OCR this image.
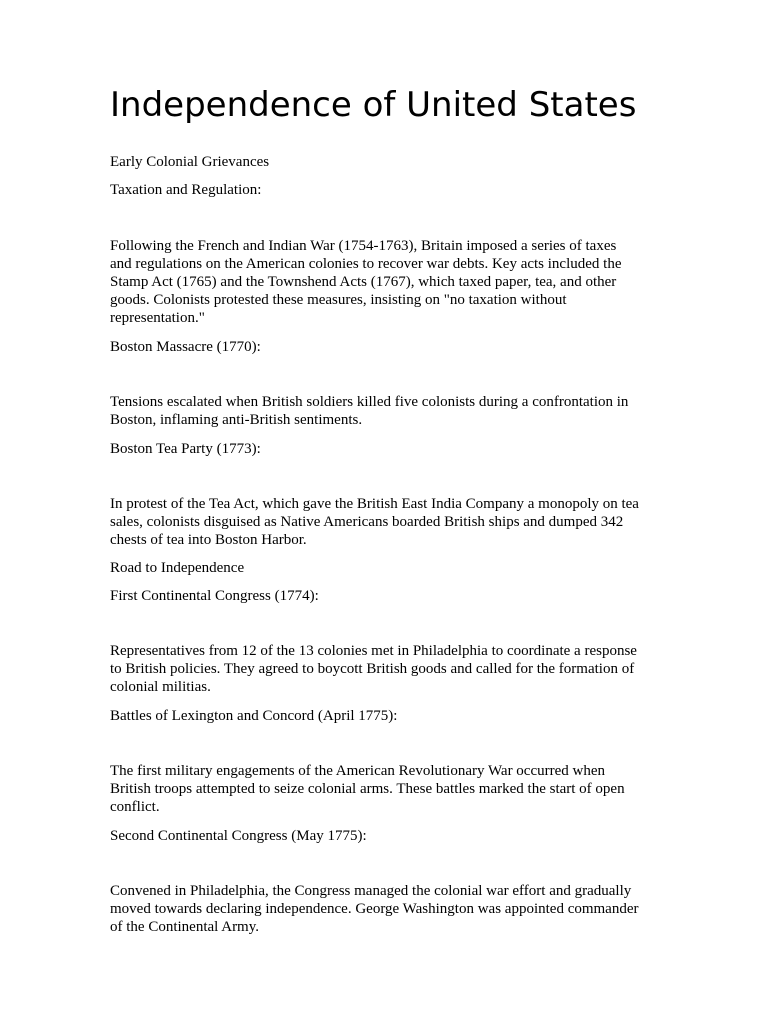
Independence of United States

Early Colonial Grievances

Taxation and Regulation:

Following the French and Indian War (1754-1763), Britain imposed a series of taxes
and regulations on the American colonies to recover war debts. Key acts included the
Stamp Act (1765) and the Townshend Acts (1767), which taxed paper, tea, and other
goods. Colonists protested these measures, insisting on "no taxation without
representation."

Boston Massacre (1770):

Tensions escalated when British soldiers killed five colonists during a confrontation in
Boston, inflaming anti-British sentiments.

Boston Tea Party (1773):

In protest of the Tea Act, which gave the British East India Company a monopoly on tea
sales, colonists disguised as Native Americans boarded British ships and dumped 342
chests of tea into Boston Harbor.

Road to Independence

First Continental Congress (1774):

Representatives from 12 of the 13 colonies met in Philadelphia to coordinate a response
to British policies. They agreed to boycott British goods and called for the formation of
colonial militias.

Battles of Lexington and Concord (April 1775):

The first military engagements of the American Revolutionary War occurred when
British troops attempted to seize colonial arms. These battles marked the start of open
conflict.

Second Continental Congress (May 1775):

Convened in Philadelphia, the Congress managed the colonial war effort and gradually
moved towards declaring independence. George Washington was appointed commander
of the Continental Army.
